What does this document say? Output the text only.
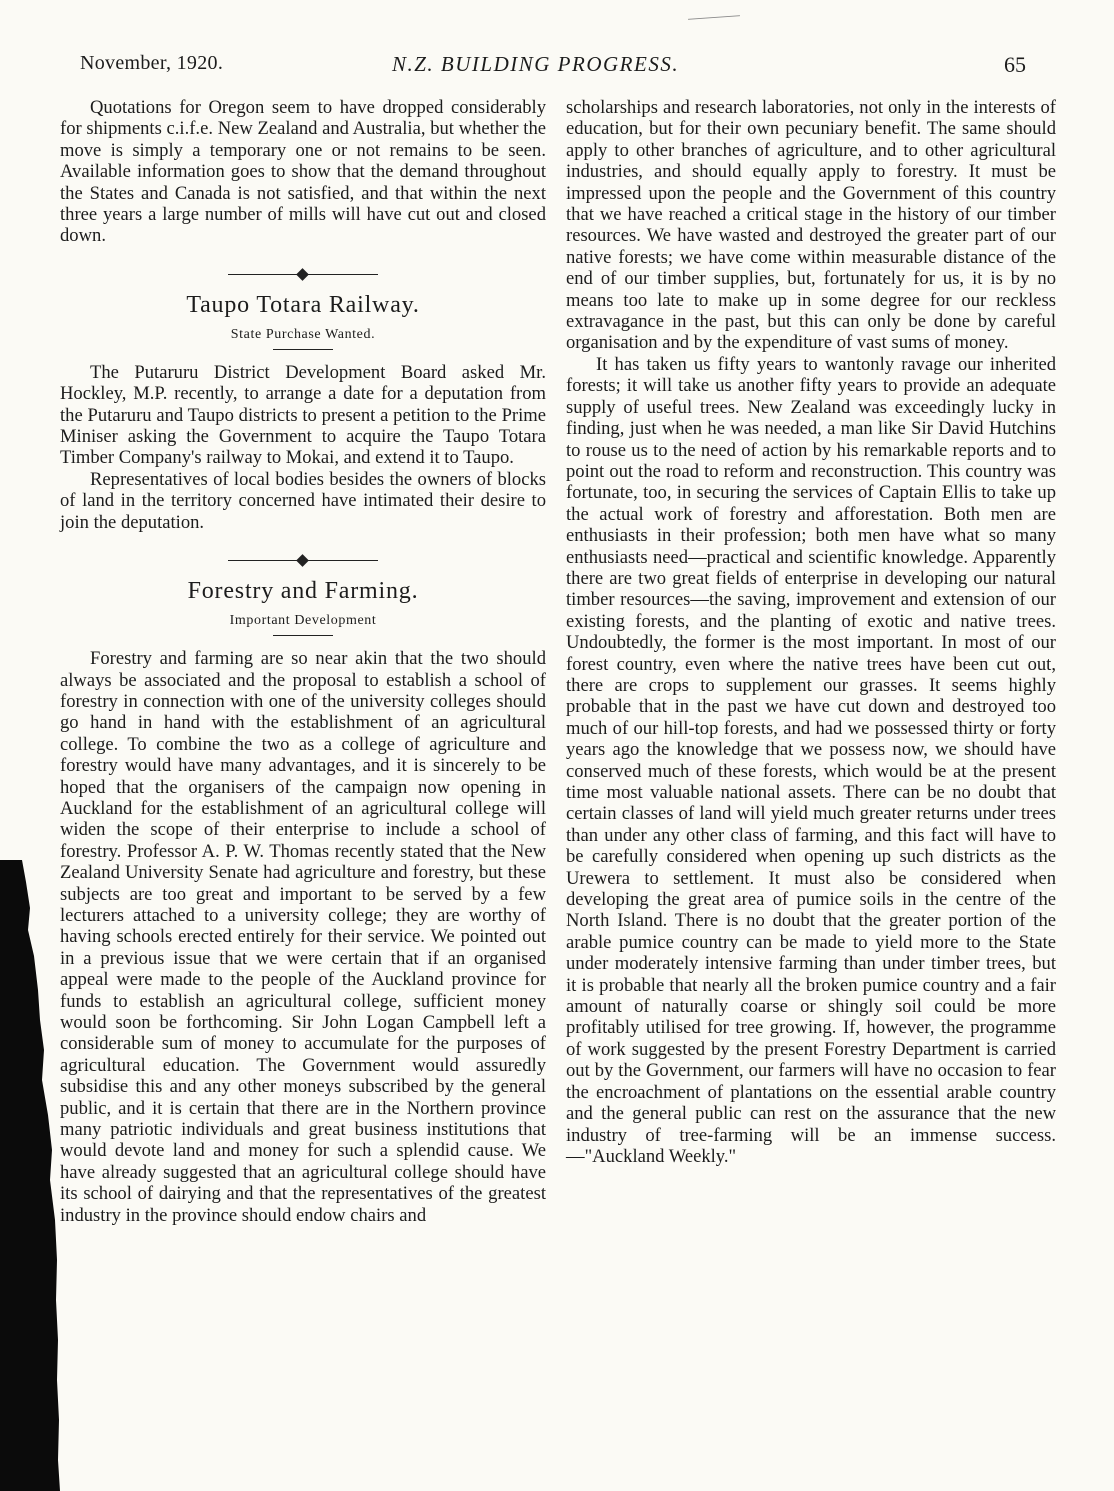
November, 1920.	N.Z. BUILDING PROGRESS.	65

Quotations for Oregon seem to have dropped considerably for shipments c.i.f.e. New Zealand and Australia, but whether the move is simply a temporary one or not remains to be seen. Available information goes to show that the demand throughout the States and Canada is not satisfied, and that within the next three years a large number of mills will have cut out and closed down.

Taupo Totara Railway.
State Purchase Wanted.

The Putaruru District Development Board asked Mr. Hockley, M.P. recently, to arrange a date for a deputation from the Putaruru and Taupo districts to present a petition to the Prime Miniser asking the Government to acquire the Taupo Totara Timber Company's railway to Mokai, and extend it to Taupo.

Representatives of local bodies besides the owners of blocks of land in the territory concerned have intimated their desire to join the deputation.

Forestry and Farming.
Important Development

Forestry and farming are so near akin that the two should always be associated and the proposal to establish a school of forestry in connection with one of the university colleges should go hand in hand with the establishment of an agricultural college. To combine the two as a college of agriculture and forestry would have many advantages, and it is sincerely to be hoped that the organisers of the campaign now opening in Auckland for the establishment of an agricultural college will widen the scope of their enterprise to include a school of forestry. Professor A. P. W. Thomas recently stated that the New Zealand University Senate had agriculture and forestry, but these subjects are too great and important to be served by a few lecturers attached to a university college; they are worthy of having schools erected entirely for their service. We pointed out in a previous issue that we were certain that if an organised appeal were made to the people of the Auckland province for funds to establish an agricultural college, sufficient money would soon be forthcoming. Sir John Logan Campbell left a considerable sum of money to accumulate for the purposes of agricultural education. The Government would assuredly subsidise this and any other moneys subscribed by the general public, and it is certain that there are in the Northern province many patriotic individuals and great business institutions that would devote land and money for such a splendid cause. We have already suggested that an agricultural college should have its school of dairying and that the representatives of the greatest industry in the province should endow chairs and

scholarships and research laboratories, not only in the interests of education, but for their own pecuniary benefit. The same should apply to other branches of agriculture, and to other agricultural industries, and should equally apply to forestry. It must be impressed upon the people and the Government of this country that we have reached a critical stage in the history of our timber resources. We have wasted and destroyed the greater part of our native forests; we have come within measurable distance of the end of our timber supplies, but, fortunately for us, it is by no means too late to make up in some degree for our reckless extravagance in the past, but this can only be done by careful organisation and by the expenditure of vast sums of money.

It has taken us fifty years to wantonly ravage our inherited forests; it will take us another fifty years to provide an adequate supply of useful trees. New Zealand was exceedingly lucky in finding, just when he was needed, a man like Sir David Hutchins to rouse us to the need of action by his remarkable reports and to point out the road to reform and reconstruction. This country was fortunate, too, in securing the services of Captain Ellis to take up the actual work of forestry and afforestation. Both men are enthusiasts in their profession; both men have what so many enthusiasts need—practical and scientific knowledge. Apparently there are two great fields of enterprise in developing our natural timber resources—the saving, improvement and extension of our existing forests, and the planting of exotic and native trees. Undoubtedly, the former is the most important. In most of our forest country, even where the native trees have been cut out, there are crops to supplement our grasses. It seems highly probable that in the past we have cut down and destroyed too much of our hill-top forests, and had we possessed thirty or forty years ago the knowledge that we possess now, we should have conserved much of these forests, which would be at the present time most valuable national assets. There can be no doubt that certain classes of land will yield much greater returns under trees than under any other class of farming, and this fact will have to be carefully considered when opening up such districts as the Urewera to settlement. It must also be considered when developing the great area of pumice soils in the centre of the North Island. There is no doubt that the greater portion of the arable pumice country can be made to yield more to the State under moderately intensive farming than under timber trees, but it is probable that nearly all the broken pumice country and a fair amount of naturally coarse or shingly soil could be more profitably utilised for tree growing. If, however, the programme of work suggested by the present Forestry Department is carried out by the Government, our farmers will have no occasion to fear the encroachment of plantations on the essential arable country and the general public can rest on the assurance that the new industry of tree-farming will be an immense success.—"Auckland Weekly."
